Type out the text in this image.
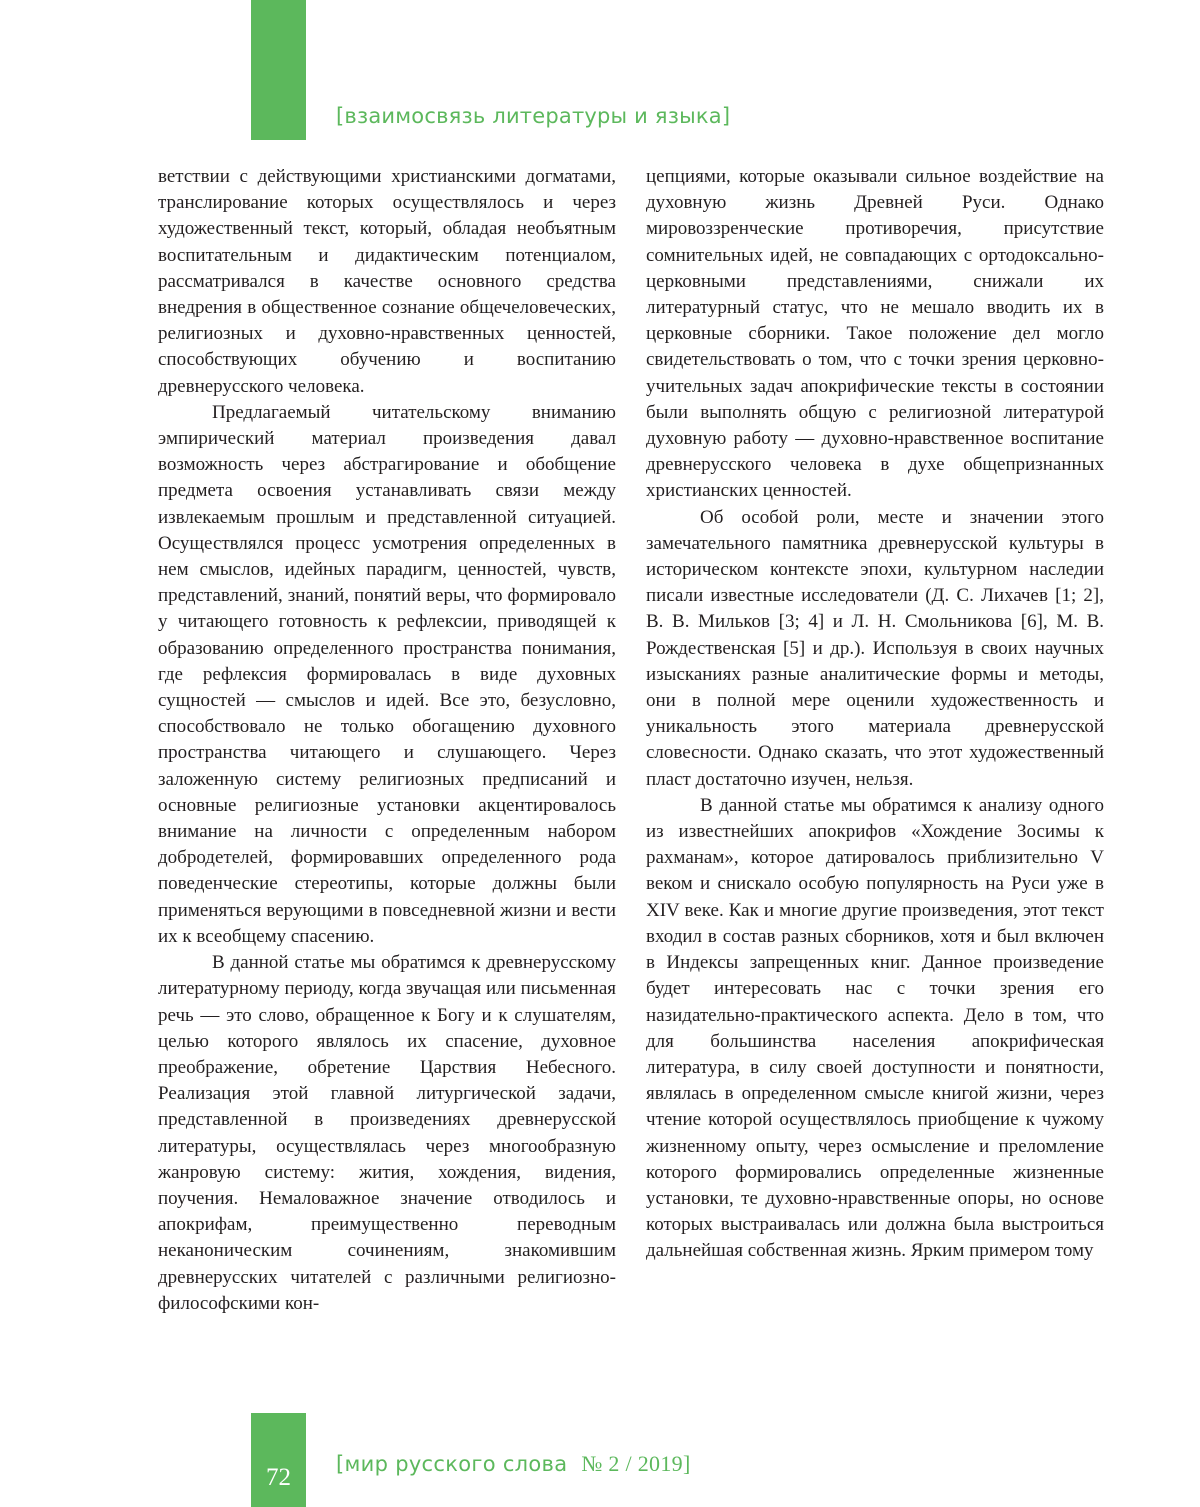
[взаимосвязь литературы и языка]

ветствии с действующими христианскими догматами, транслирование которых осуществлялось и через художественный текст, который, обладая необъятным воспитательным и дидактическим потенциалом, рассматривался в качестве основного средства внедрения в общественное сознание общечеловеческих, религиозных и духовно-нравственных ценностей, способствующих обучению и воспитанию древнерусского человека.

Предлагаемый читательскому вниманию эмпирический материал произведения давал возможность через абстрагирование и обобщение предмета освоения устанавливать связи между извлекаемым прошлым и представленной ситуацией. Осуществлялся процесс усмотрения определенных в нем смыслов, идейных парадигм, ценностей, чувств, представлений, знаний, понятий веры, что формировало у читающего готовность к рефлексии, приводящей к образованию определенного пространства понимания, где рефлексия формировалась в виде духовных сущностей — смыслов и идей. Все это, безусловно, способствовало не только обогащению духовного пространства читающего и слушающего. Через заложенную систему религиозных предписаний и основные религиозные установки акцентировалось внимание на личности с определенным набором добродетелей, формировавших определенного рода поведенческие стереотипы, которые должны были применяться верующими в повседневной жизни и вести их к всеобщему спасению.

В данной статье мы обратимся к древнерусскому литературному периоду, когда звучащая или письменная речь — это слово, обращенное к Богу и к слушателям, целью которого являлось их спасение, духовное преображение, обретение Царствия Небесного. Реализация этой главной литургической задачи, представленной в произведениях древнерусской литературы, осуществлялась через многообразную жанровую систему: жития, хождения, видения, поучения. Немаловажное значение отводилось и апокрифам, преимущественно переводным неканоническим сочинениям, знакомившим древнерусских читателей с различными религиозно-философскими кон-

цепциями, которые оказывали сильное воздействие на духовную жизнь Древней Руси. Однако мировоззренческие противоречия, присутствие сомнительных идей, не совпадающих с ортодоксально-церковными представлениями, снижали их литературный статус, что не мешало вводить их в церковные сборники. Такое положение дел могло свидетельствовать о том, что с точки зрения церковно-учительных задач апокрифические тексты в состоянии были выполнять общую с религиозной литературой духовную работу — духовно-нравственное воспитание древнерусского человека в духе общепризнанных христианских ценностей.

Об особой роли, месте и значении этого замечательного памятника древнерусской культуры в историческом контексте эпохи, культурном наследии писали известные исследователи (Д. С. Лихачев [1; 2], В. В. Мильков [3; 4] и Л. Н. Смольникова [6], М. В. Рождественская [5] и др.). Используя в своих научных изысканиях разные аналитические формы и методы, они в полной мере оценили художественность и уникальность этого материала древнерусской словесности. Однако сказать, что этот художественный пласт достаточно изучен, нельзя.

В данной статье мы обратимся к анализу одного из известнейших апокрифов «Хождение Зосимы к рахманам», которое датировалось приблизительно V веком и снискало особую популярность на Руси уже в XIV веке. Как и многие другие произведения, этот текст входил в состав разных сборников, хотя и был включен в Индексы запрещенных книг. Данное произведение будет интересовать нас с точки зрения его назидательно-практического аспекта. Дело в том, что для большинства населения апокрифическая литература, в силу своей доступности и понятности, являлась в определенном смысле книгой жизни, через чтение которой осуществлялось приобщение к чужому жизненному опыту, через осмысление и преломление которого формировались определенные жизненные установки, те духовно-нравственные опоры, но основе которых выстраивалась или должна была выстроиться дальнейшая собственная жизнь. Ярким примером тому

72	[мир русского слова № 2 / 2019]
